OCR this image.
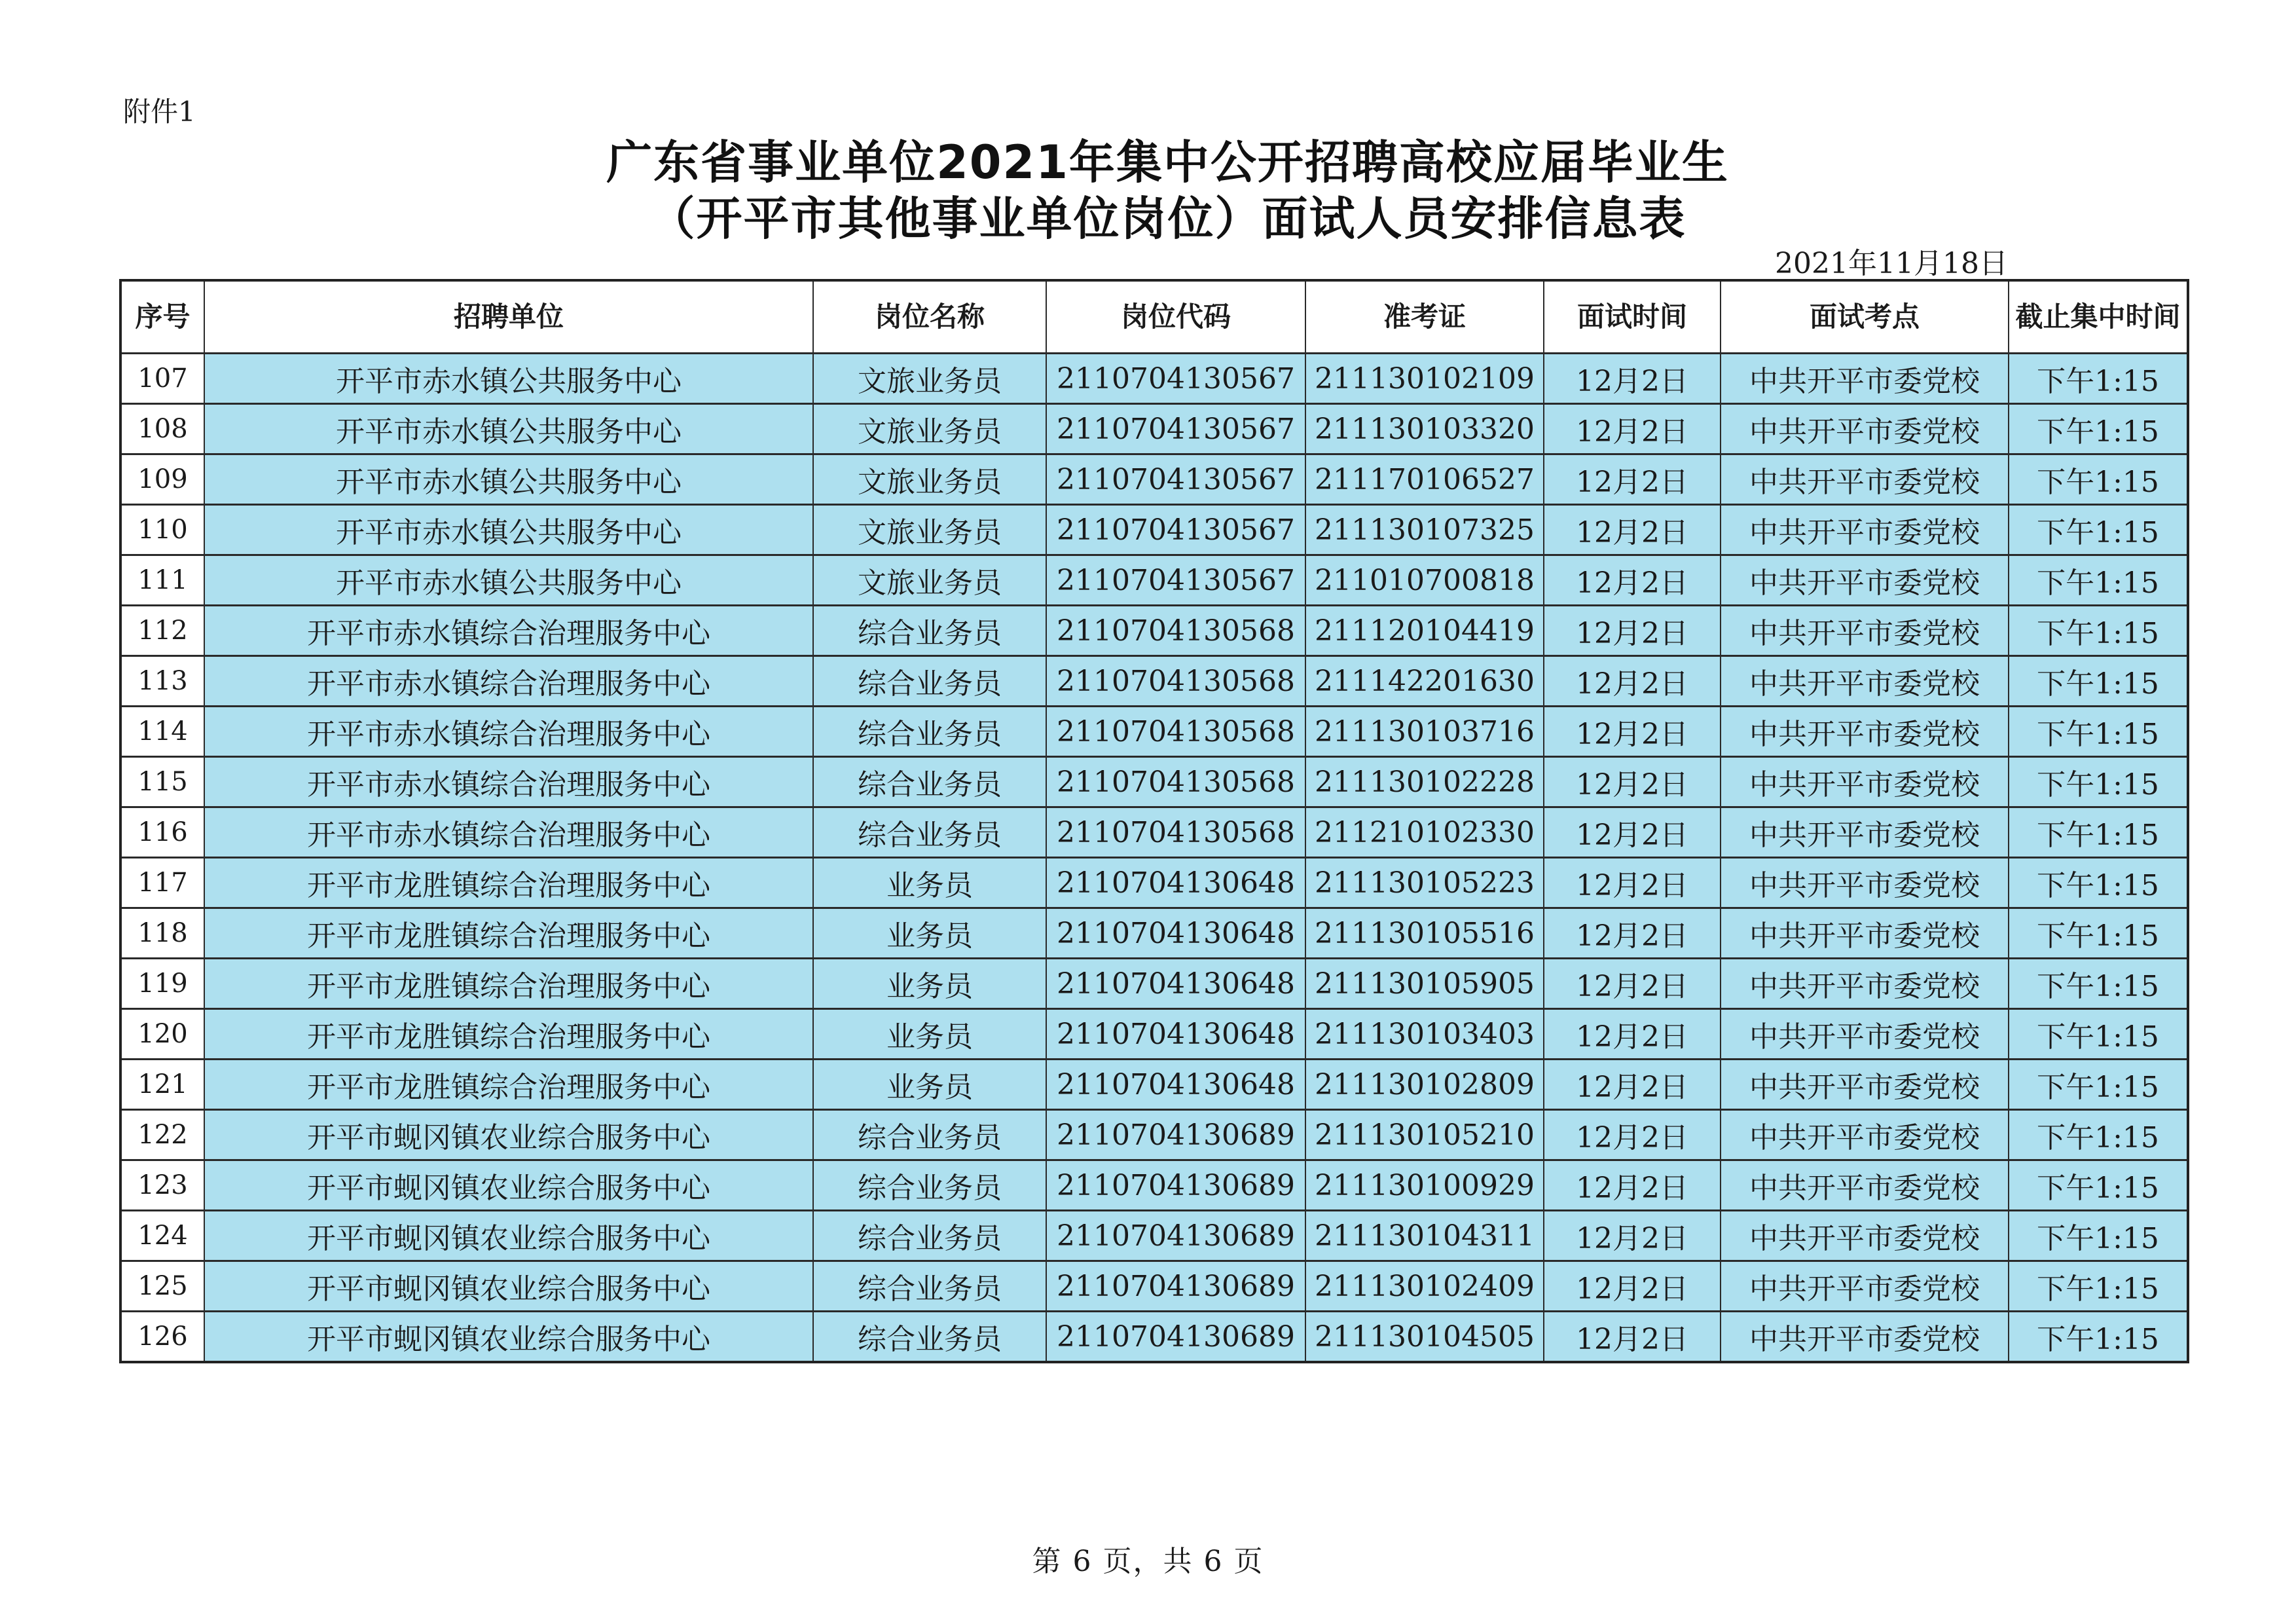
附件1
广东省事业单位2021年集中公开招聘高校应届毕业生
（开平市其他事业单位岗位）面试人员安排信息表
2021年11月18日
序号	招聘单位	岗位名称	岗位代码	准考证	面试时间	面试考点	截止集中时间
107	开平市赤水镇公共服务中心	文旅业务员	2110704130567	211130102109	12月2日	中共开平市委党校	下午1:15
108	开平市赤水镇公共服务中心	文旅业务员	2110704130567	211130103320	12月2日	中共开平市委党校	下午1:15
109	开平市赤水镇公共服务中心	文旅业务员	2110704130567	211170106527	12月2日	中共开平市委党校	下午1:15
110	开平市赤水镇公共服务中心	文旅业务员	2110704130567	211130107325	12月2日	中共开平市委党校	下午1:15
111	开平市赤水镇公共服务中心	文旅业务员	2110704130567	211010700818	12月2日	中共开平市委党校	下午1:15
112	开平市赤水镇综合治理服务中心	综合业务员	2110704130568	211120104419	12月2日	中共开平市委党校	下午1:15
113	开平市赤水镇综合治理服务中心	综合业务员	2110704130568	211142201630	12月2日	中共开平市委党校	下午1:15
114	开平市赤水镇综合治理服务中心	综合业务员	2110704130568	211130103716	12月2日	中共开平市委党校	下午1:15
115	开平市赤水镇综合治理服务中心	综合业务员	2110704130568	211130102228	12月2日	中共开平市委党校	下午1:15
116	开平市赤水镇综合治理服务中心	综合业务员	2110704130568	211210102330	12月2日	中共开平市委党校	下午1:15
117	开平市龙胜镇综合治理服务中心	业务员	2110704130648	211130105223	12月2日	中共开平市委党校	下午1:15
118	开平市龙胜镇综合治理服务中心	业务员	2110704130648	211130105516	12月2日	中共开平市委党校	下午1:15
119	开平市龙胜镇综合治理服务中心	业务员	2110704130648	211130105905	12月2日	中共开平市委党校	下午1:15
120	开平市龙胜镇综合治理服务中心	业务员	2110704130648	211130103403	12月2日	中共开平市委党校	下午1:15
121	开平市龙胜镇综合治理服务中心	业务员	2110704130648	211130102809	12月2日	中共开平市委党校	下午1:15
122	开平市蚬冈镇农业综合服务中心	综合业务员	2110704130689	211130105210	12月2日	中共开平市委党校	下午1:15
123	开平市蚬冈镇农业综合服务中心	综合业务员	2110704130689	211130100929	12月2日	中共开平市委党校	下午1:15
124	开平市蚬冈镇农业综合服务中心	综合业务员	2110704130689	211130104311	12月2日	中共开平市委党校	下午1:15
125	开平市蚬冈镇农业综合服务中心	综合业务员	2110704130689	211130102409	12月2日	中共开平市委党校	下午1:15
126	开平市蚬冈镇农业综合服务中心	综合业务员	2110704130689	211130104505	12月2日	中共开平市委党校	下午1:15
第 6 页，共 6 页
